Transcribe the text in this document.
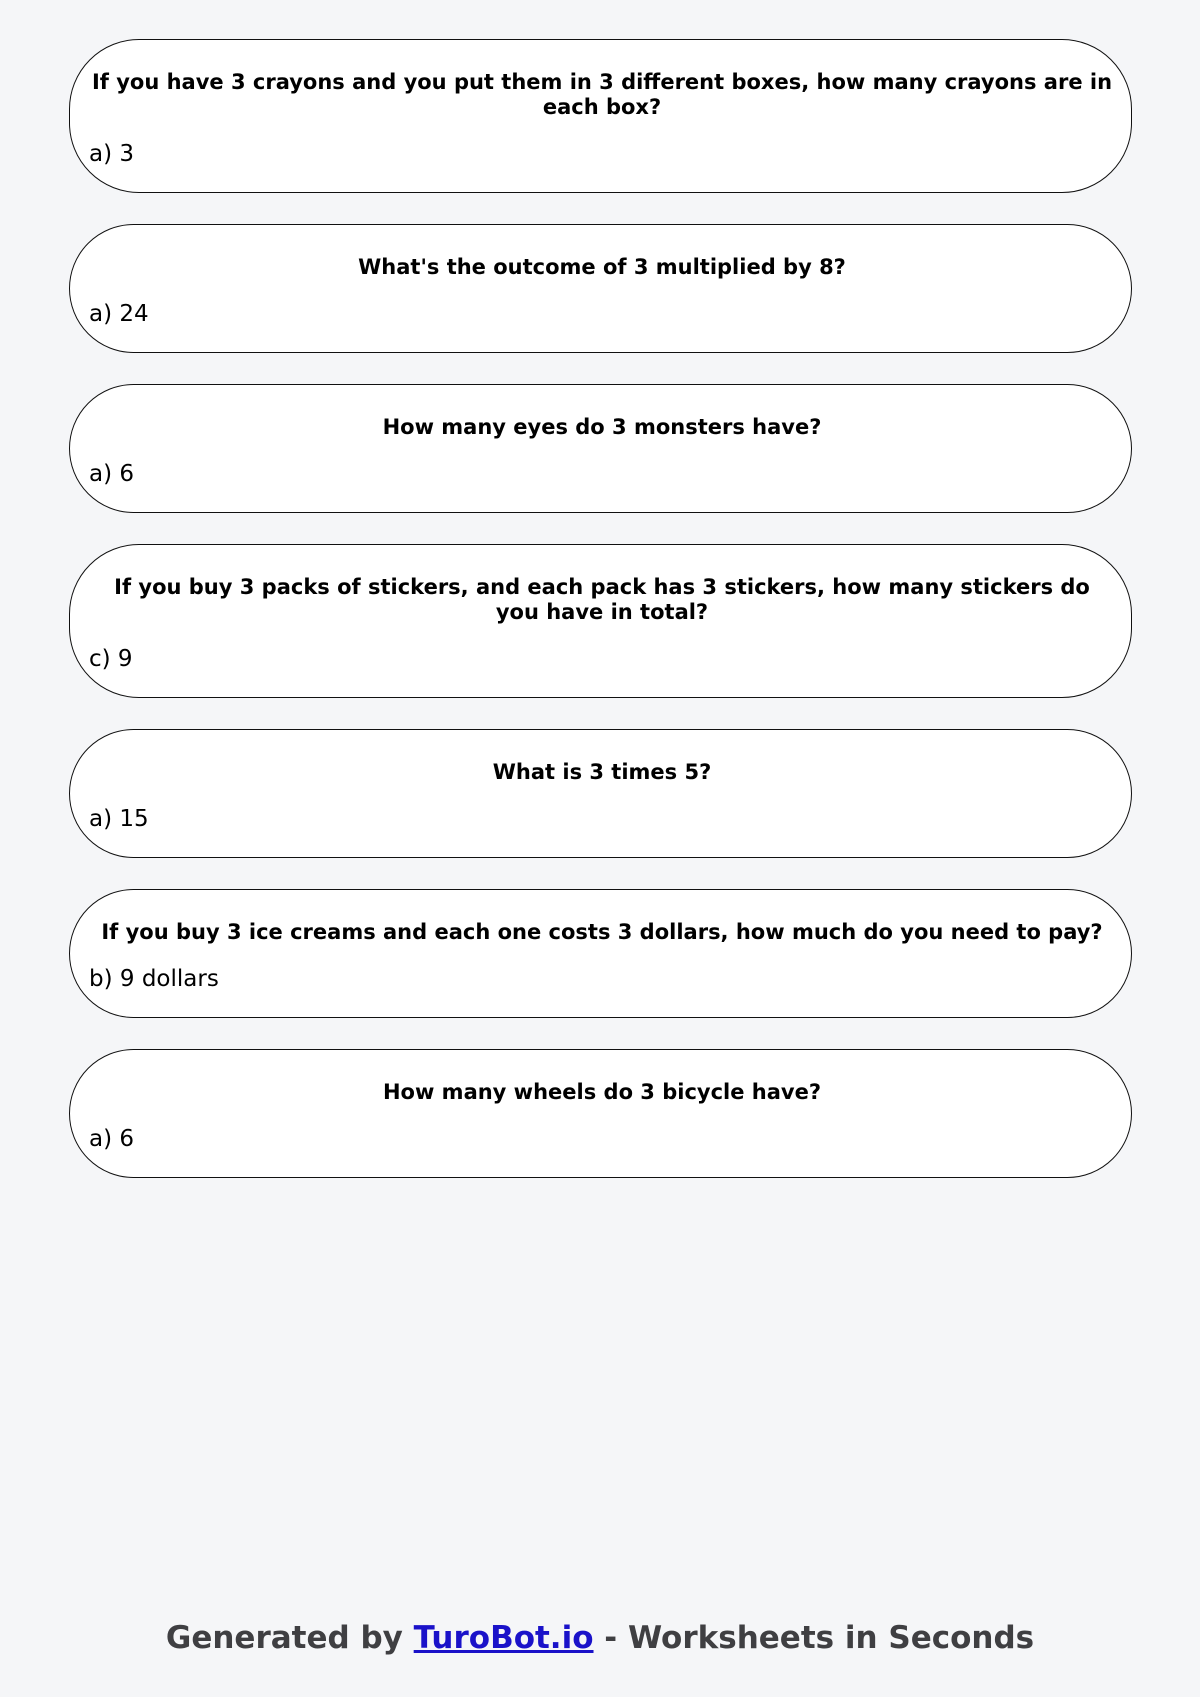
If you have 3 crayons and you put them in 3 different boxes, how many crayons are in each box?

a) 3

What's the outcome of 3 multiplied by 8?

a) 24

How many eyes do 3 monsters have?

a) 6

If you buy 3 packs of stickers, and each pack has 3 stickers, how many stickers do you have in total?

c) 9

What is 3 times 5?

a) 15

If you buy 3 ice creams and each one costs 3 dollars, how much do you need to pay?

b) 9 dollars

How many wheels do 3 bicycle have?

a) 6
Generated by TuroBot.io - Worksheets in Seconds
